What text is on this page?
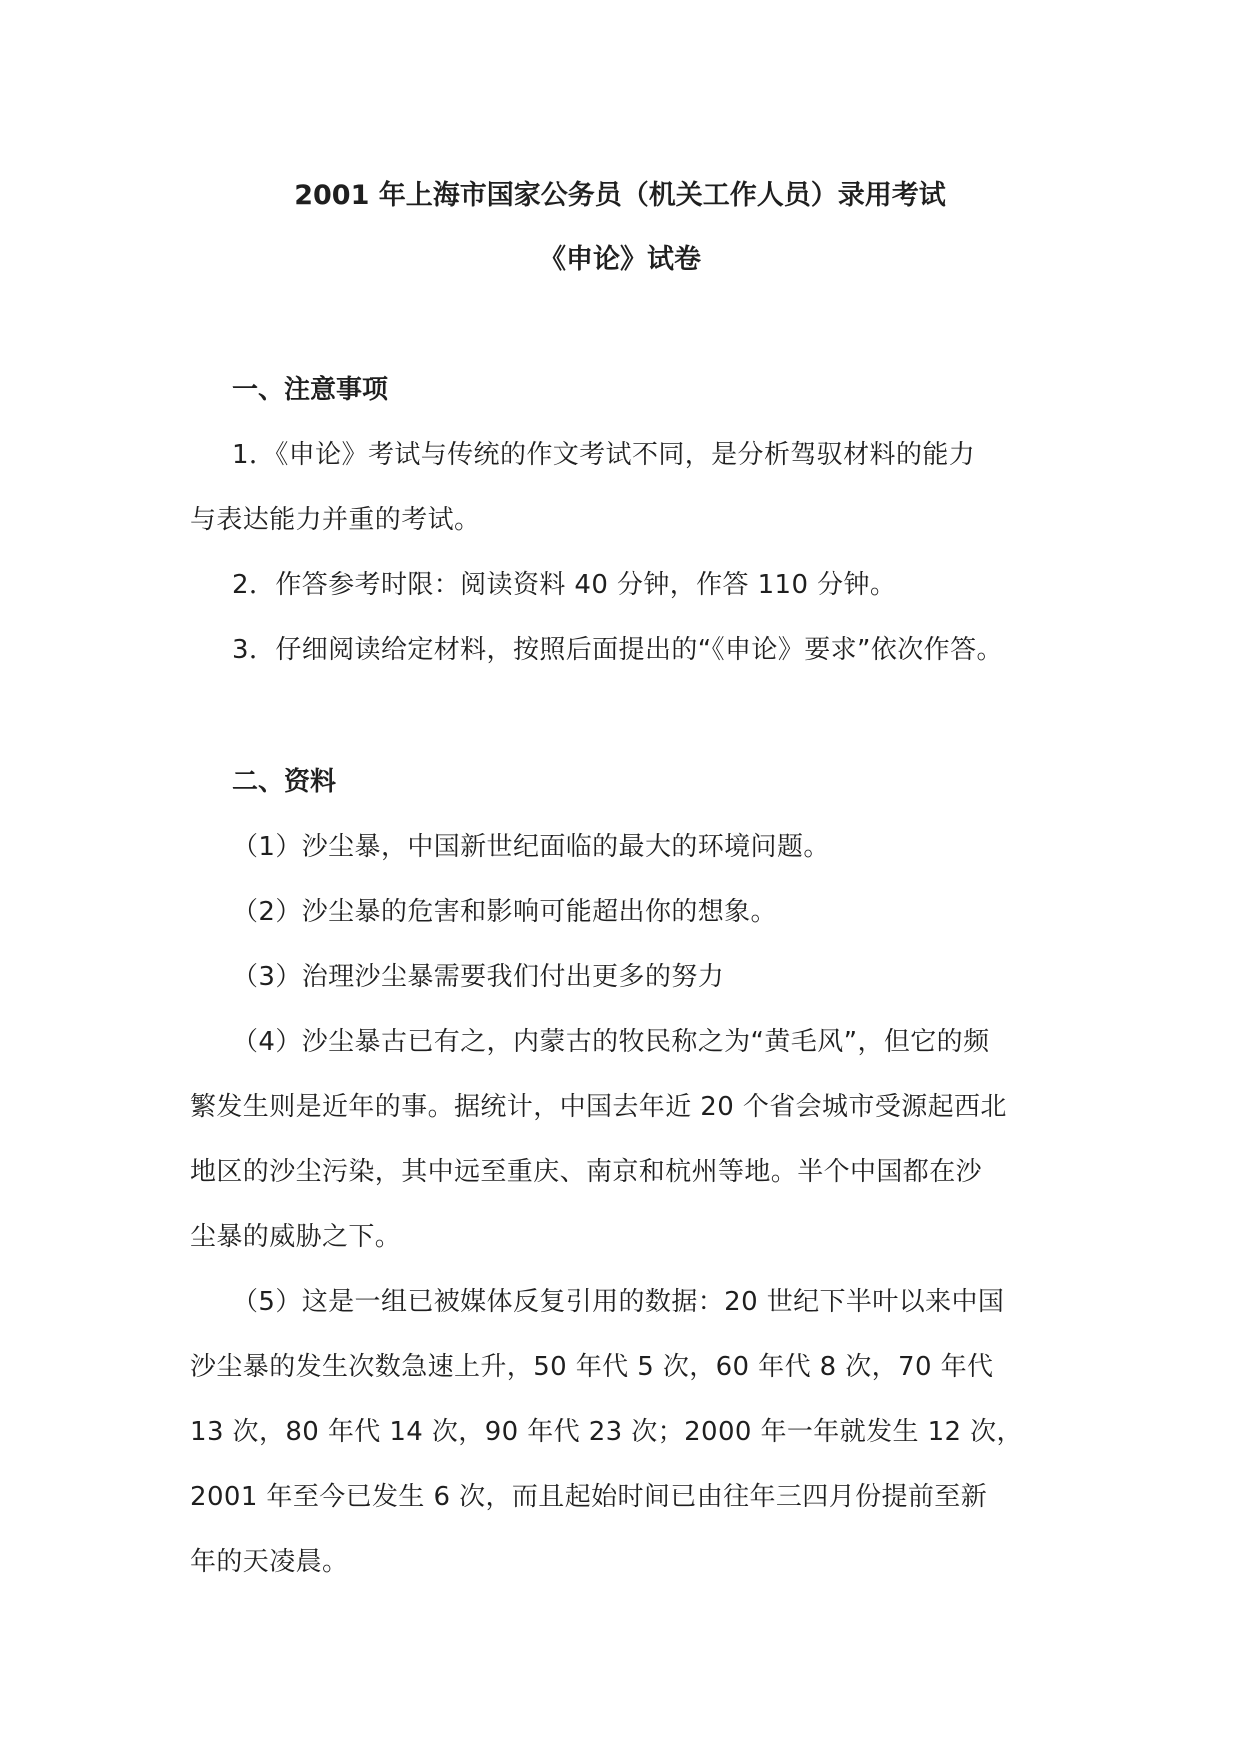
2001 年上海市国家公务员（机关工作人员）录用考试
《申论》试卷
一、注意事项
1．《申论》考试与传统的作文考试不同，是分析驾驭材料的能力
与表达能力并重的考试。
2．作答参考时限：阅读资料 40 分钟，作答 110 分钟。
3．仔细阅读给定材料，按照后面提出的“《申论》要求”依次作答。
二、资料
（1）沙尘暴，中国新世纪面临的最大的环境问题。
（2）沙尘暴的危害和影响可能超出你的想象。
（3）治理沙尘暴需要我们付出更多的努力
（4）沙尘暴古已有之，内蒙古的牧民称之为“黄毛风”，但它的频
繁发生则是近年的事。据统计，中国去年近 20 个省会城市受源起西北
地区的沙尘污染，其中远至重庆、南京和杭州等地。半个中国都在沙
尘暴的威胁之下。
（5）这是一组已被媒体反复引用的数据：20 世纪下半叶以来中国
沙尘暴的发生次数急速上升，50 年代 5 次，60 年代 8 次，70 年代
13 次，80 年代 14 次，90 年代 23 次；2000 年一年就发生 12 次，
2001 年至今已发生 6 次，而且起始时间已由往年三四月份提前至新
年的天凌晨。
